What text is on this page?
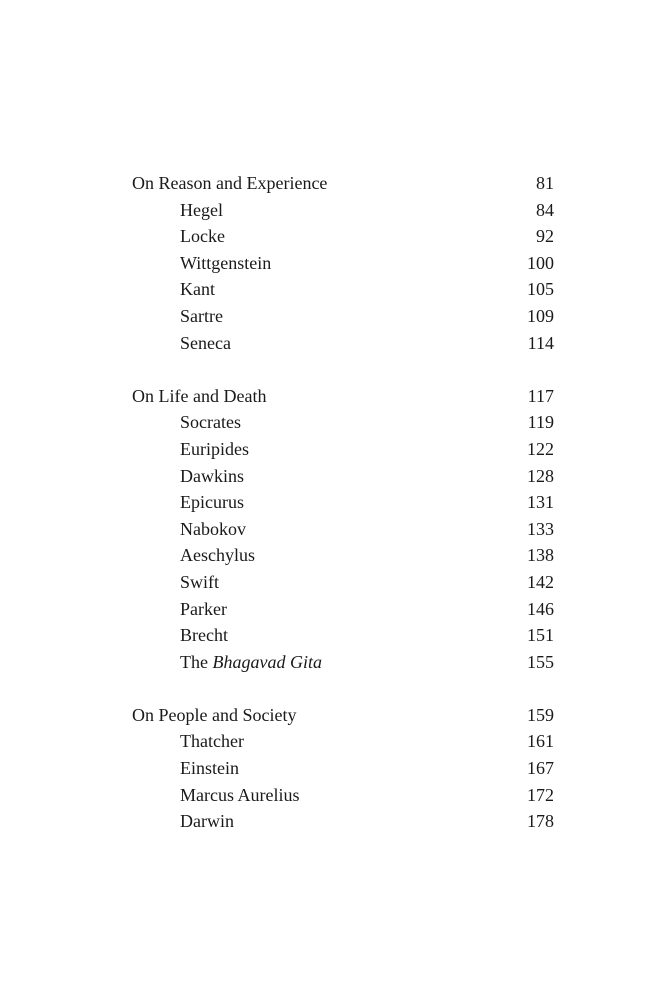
On Reason and Experience	81
Hegel	84
Locke	92
Wittgenstein	100
Kant	105
Sartre	109
Seneca	114
On Life and Death	117
Socrates	119
Euripides	122
Dawkins	128
Epicurus	131
Nabokov	133
Aeschylus	138
Swift	142
Parker	146
Brecht	151
The Bhagavad Gita	155
On People and Society	159
Thatcher	161
Einstein	167
Marcus Aurelius	172
Darwin	178
